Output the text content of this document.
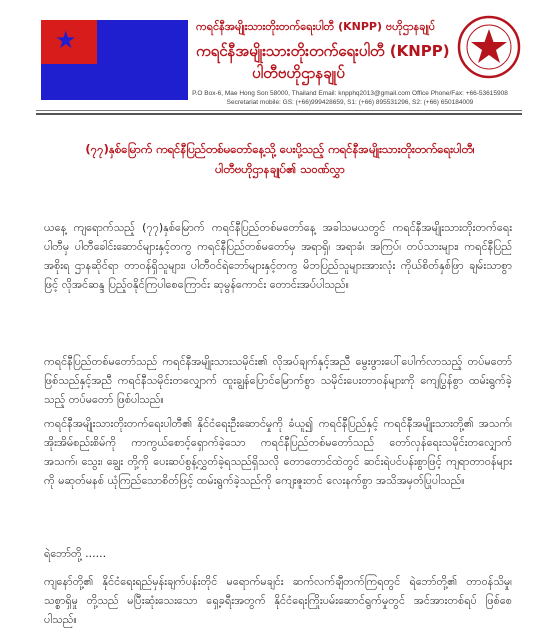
★	ကရင်နီအမျိုးသားတိုးတက်ရေးပါတီ (KNPP) ဗဟိုဌာနချုပ်
ကရင်နီအမျိုးသားတိုးတက်ရေးပါတီ (KNPP)
ပါတီဗဟိုဌာနချုပ်
P.O Box-6, Mae Hong Son 58000, Thailand Email: knpphq2013@gmail.com Office Phone/Fax: +66-53615908
Secretariat mobile: GS: (+66)999428659, S1: (+66) 895531296, S2: (+66) 650184009
(၇၇)နှစ်မြောက် ကရင်နီပြည်တစ်မတော်နေ့သို့ ပေးပို့သည့် ကရင်နီအမျိုးသားတိုးတက်ရေးပါတီ၊
ပါတီဗဟိုဌာနချုပ်၏ သဝဏ်လွှာ
ယနေ့ ကျရောက်သည့် (၇၇)နှစ်မြောက် ကရင်နီပြည်တစ်မတော်နေ့ အခါသမယတွင် ကရင်နီအမျိုးသားတိုးတက်ရေးပါတီမှ ပါတီခေါင်းဆောင်များနှင့်တကွ ကရင်နီပြည်တစ်မတော်မှ အရာရှိ၊ အရာခံ၊ အကြပ်၊ တပ်သားများ၊ ကရင်နီပြည်အစိုးရ ဌာနဆိုင်ရာ တာဝန်ရှိသူများ၊ ပါတီဝင်ရဲဘော်များနှင့်တကွ မိဘပြည်သူများအားလုံး ကိုယ်စိတ်နှစ်ဖြာ ချမ်းသာစွာဖြင့် လိုအင်ဆန္ဒ ပြည့်ဝနိုင်ကြပါစေကြောင်း ဆုမွန်ကောင်း တောင်းအပ်ပါသည်။
ကရင်နီပြည်တစ်မတော်သည် ကရင်နီအမျိုးသားသမိုင်း၏ လိုအပ်ချက်နှင့်အညီ မွေးဖွားပေါ်ပေါက်လာသည့် တပ်မတော် ဖြစ်သည်နှင့်အညီ ကရင်နီသမိုင်းတလျှောက် ထူးချွန်ပြောင်မြောက်စွာ သမိုင်းပေးတာဝန်များကို ကျေပြွန်စွာ ထမ်းရွက်ခဲ့သည့် တပ်မတော် ဖြစ်ပါသည်။
ကရင်နီအမျိုးသားတိုးတက်ရေးပါတီ၏ နိုင်ငံရေးဦးဆောင်မှုကို ခံယူ၍ ကရင်နီပြည်နှင့် ကရင်နီအမျိုးသားတို့၏ အသက်၊ အိုးအိမ်စည်းစိမ်ကို ကာကွယ်စောင့်ရှောက်ခဲ့သော ကရင်နီပြည်တစ်မတော်သည် တော်လှန်ရေးသမိုင်းတလျှောက် အသက်၊ သွေး၊ ချွေး တို့ကို ပေးဆပ်စွန့်လွှတ်ခဲ့ရသည်ရှိသလို တောတောင်ထဲတွင် ဆင်းရဲပင်ပန်းစွာဖြင့် ကျရာတာဝန်များကို မဆုတ်မနစ် ယုံကြည်သောစိတ်ဖြင့် ထမ်းရွက်ခဲ့သည်ကို ကျေးဇူးတင် လေးနက်စွာ အသိအမှတ်ပြုပါသည်။
ရဲဘော်တို့ ......
ကျနော်တို့၏ နိုင်ငံရေးရည်မှန်းချက်ပန်းတိုင် မရောက်မချင်း ဆက်လက်ချီတက်ကြရတွင် ရဲဘော်တို့၏ တာဝန်သိမှု၊ သစ္စာရှိမှု တို့သည် မပြီးဆုံးသေးသော ရှေ့ခရီးအတွက် နိုင်ငံရေးကြိုးပမ်းဆောင်ရွက်မှုတွင် အင်အားတစ်ရပ် ဖြစ်စေပါသည်။
